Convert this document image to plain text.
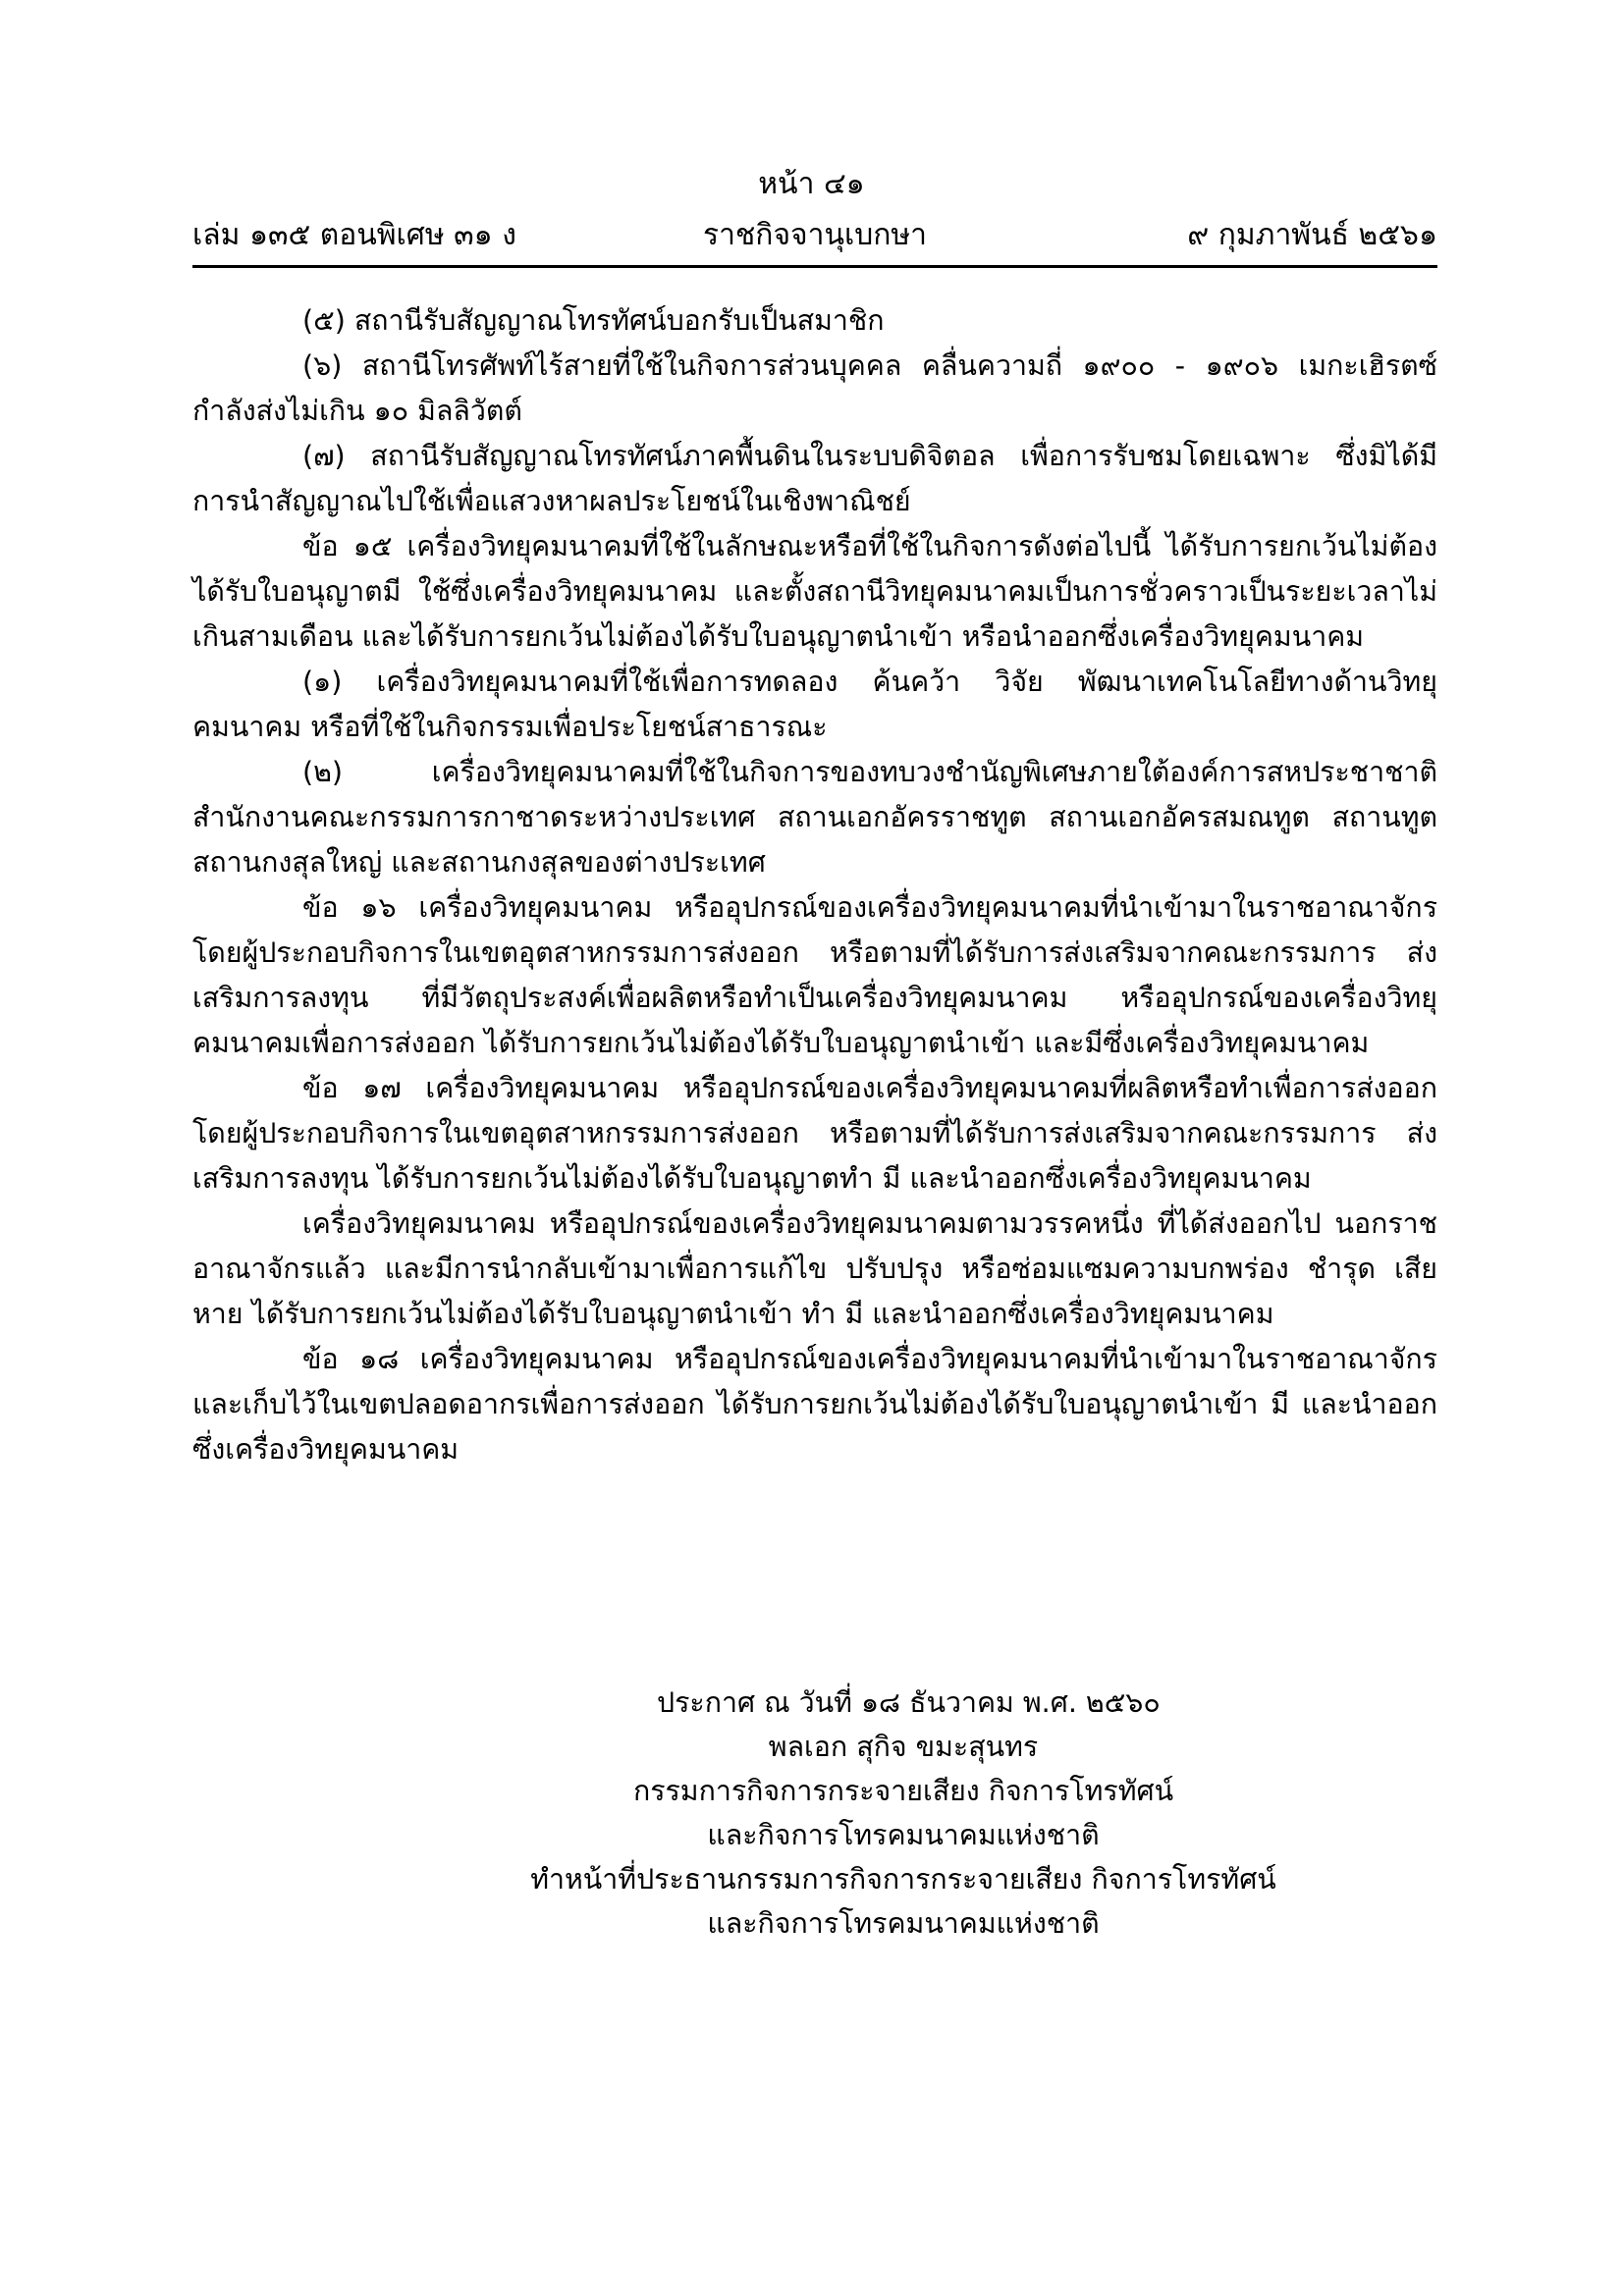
หน้า ๔๑
เล่ม ๑๓๕ ตอนพิเศษ ๓๑ ง	ราชกิจจานุเบกษา	๙ กุมภาพันธ์ ๒๕๖๑

(๕) สถานีรับสัญญาณโทรทัศน์บอกรับเป็นสมาชิก

(๖) สถานีโทรศัพท์ไร้สายที่ใช้ในกิจการส่วนบุคคล คลื่นความถี่ ๑๙๐๐ - ๑๙๐๖ เมกะเฮิรตซ์ กำลังส่งไม่เกิน ๑๐ มิลลิวัตต์

(๗) สถานีรับสัญญาณโทรทัศน์ภาคพื้นดินในระบบดิจิตอล เพื่อการรับชมโดยเฉพาะ ซึ่งมิได้มีการนำสัญญาณไปใช้เพื่อแสวงหาผลประโยชน์ในเชิงพาณิชย์

ข้อ ๑๕ เครื่องวิทยุคมนาคมที่ใช้ในลักษณะหรือที่ใช้ในกิจการดังต่อไปนี้ ได้รับการยกเว้นไม่ต้องได้รับใบอนุญาตมี ใช้ซึ่งเครื่องวิทยุคมนาคม และตั้งสถานีวิทยุคมนาคมเป็นการชั่วคราวเป็นระยะเวลาไม่เกินสามเดือน และได้รับการยกเว้นไม่ต้องได้รับใบอนุญาตนำเข้า หรือนำออกซึ่งเครื่องวิทยุคมนาคม

(๑) เครื่องวิทยุคมนาคมที่ใช้เพื่อการทดลอง ค้นคว้า วิจัย พัฒนาเทคโนโลยีทางด้านวิทยุคมนาคม หรือที่ใช้ในกิจกรรมเพื่อประโยชน์สาธารณะ

(๒) เครื่องวิทยุคมนาคมที่ใช้ในกิจการของทบวงชำนัญพิเศษภายใต้องค์การสหประชาชาติ สำนักงานคณะกรรมการกาชาดระหว่างประเทศ สถานเอกอัครราชทูต สถานเอกอัครสมณทูต สถานทูต สถานกงสุลใหญ่ และสถานกงสุลของต่างประเทศ

ข้อ ๑๖ เครื่องวิทยุคมนาคม หรืออุปกรณ์ของเครื่องวิทยุคมนาคมที่นำเข้ามาในราชอาณาจักร โดยผู้ประกอบกิจการในเขตอุตสาหกรรมการส่งออก หรือตามที่ได้รับการส่งเสริมจากคณะกรรมการ ส่งเสริมการลงทุน ที่มีวัตถุประสงค์เพื่อผลิตหรือทำเป็นเครื่องวิทยุคมนาคม หรืออุปกรณ์ของเครื่องวิทยุ คมนาคมเพื่อการส่งออก ได้รับการยกเว้นไม่ต้องได้รับใบอนุญาตนำเข้า และมีซึ่งเครื่องวิทยุคมนาคม

ข้อ ๑๗ เครื่องวิทยุคมนาคม หรืออุปกรณ์ของเครื่องวิทยุคมนาคมที่ผลิตหรือทำเพื่อการส่งออก โดยผู้ประกอบกิจการในเขตอุตสาหกรรมการส่งออก หรือตามที่ได้รับการส่งเสริมจากคณะกรรมการ ส่งเสริมการลงทุน ได้รับการยกเว้นไม่ต้องได้รับใบอนุญาตทำ มี และนำออกซึ่งเครื่องวิทยุคมนาคม

เครื่องวิทยุคมนาคม หรืออุปกรณ์ของเครื่องวิทยุคมนาคมตามวรรคหนึ่ง ที่ได้ส่งออกไป นอกราชอาณาจักรแล้ว และมีการนำกลับเข้ามาเพื่อการแก้ไข ปรับปรุง หรือซ่อมแซมความบกพร่อง ชำรุด เสียหาย ได้รับการยกเว้นไม่ต้องได้รับใบอนุญาตนำเข้า ทำ มี และนำออกซึ่งเครื่องวิทยุคมนาคม

ข้อ ๑๘ เครื่องวิทยุคมนาคม หรืออุปกรณ์ของเครื่องวิทยุคมนาคมที่นำเข้ามาในราชอาณาจักร และเก็บไว้ในเขตปลอดอากรเพื่อการส่งออก ได้รับการยกเว้นไม่ต้องได้รับใบอนุญาตนำเข้า มี และนำออก ซึ่งเครื่องวิทยุคมนาคม

ประกาศ ณ วันที่ ๑๘ ธันวาคม พ.ศ. ๒๕๖๐

พลเอก สุกิจ ขมะสุนทร

กรรมการกิจการกระจายเสียง กิจการโทรทัศน์

และกิจการโทรคมนาคมแห่งชาติ

ทำหน้าที่ประธานกรรมการกิจการกระจายเสียง กิจการโทรทัศน์

และกิจการโทรคมนาคมแห่งชาติ
